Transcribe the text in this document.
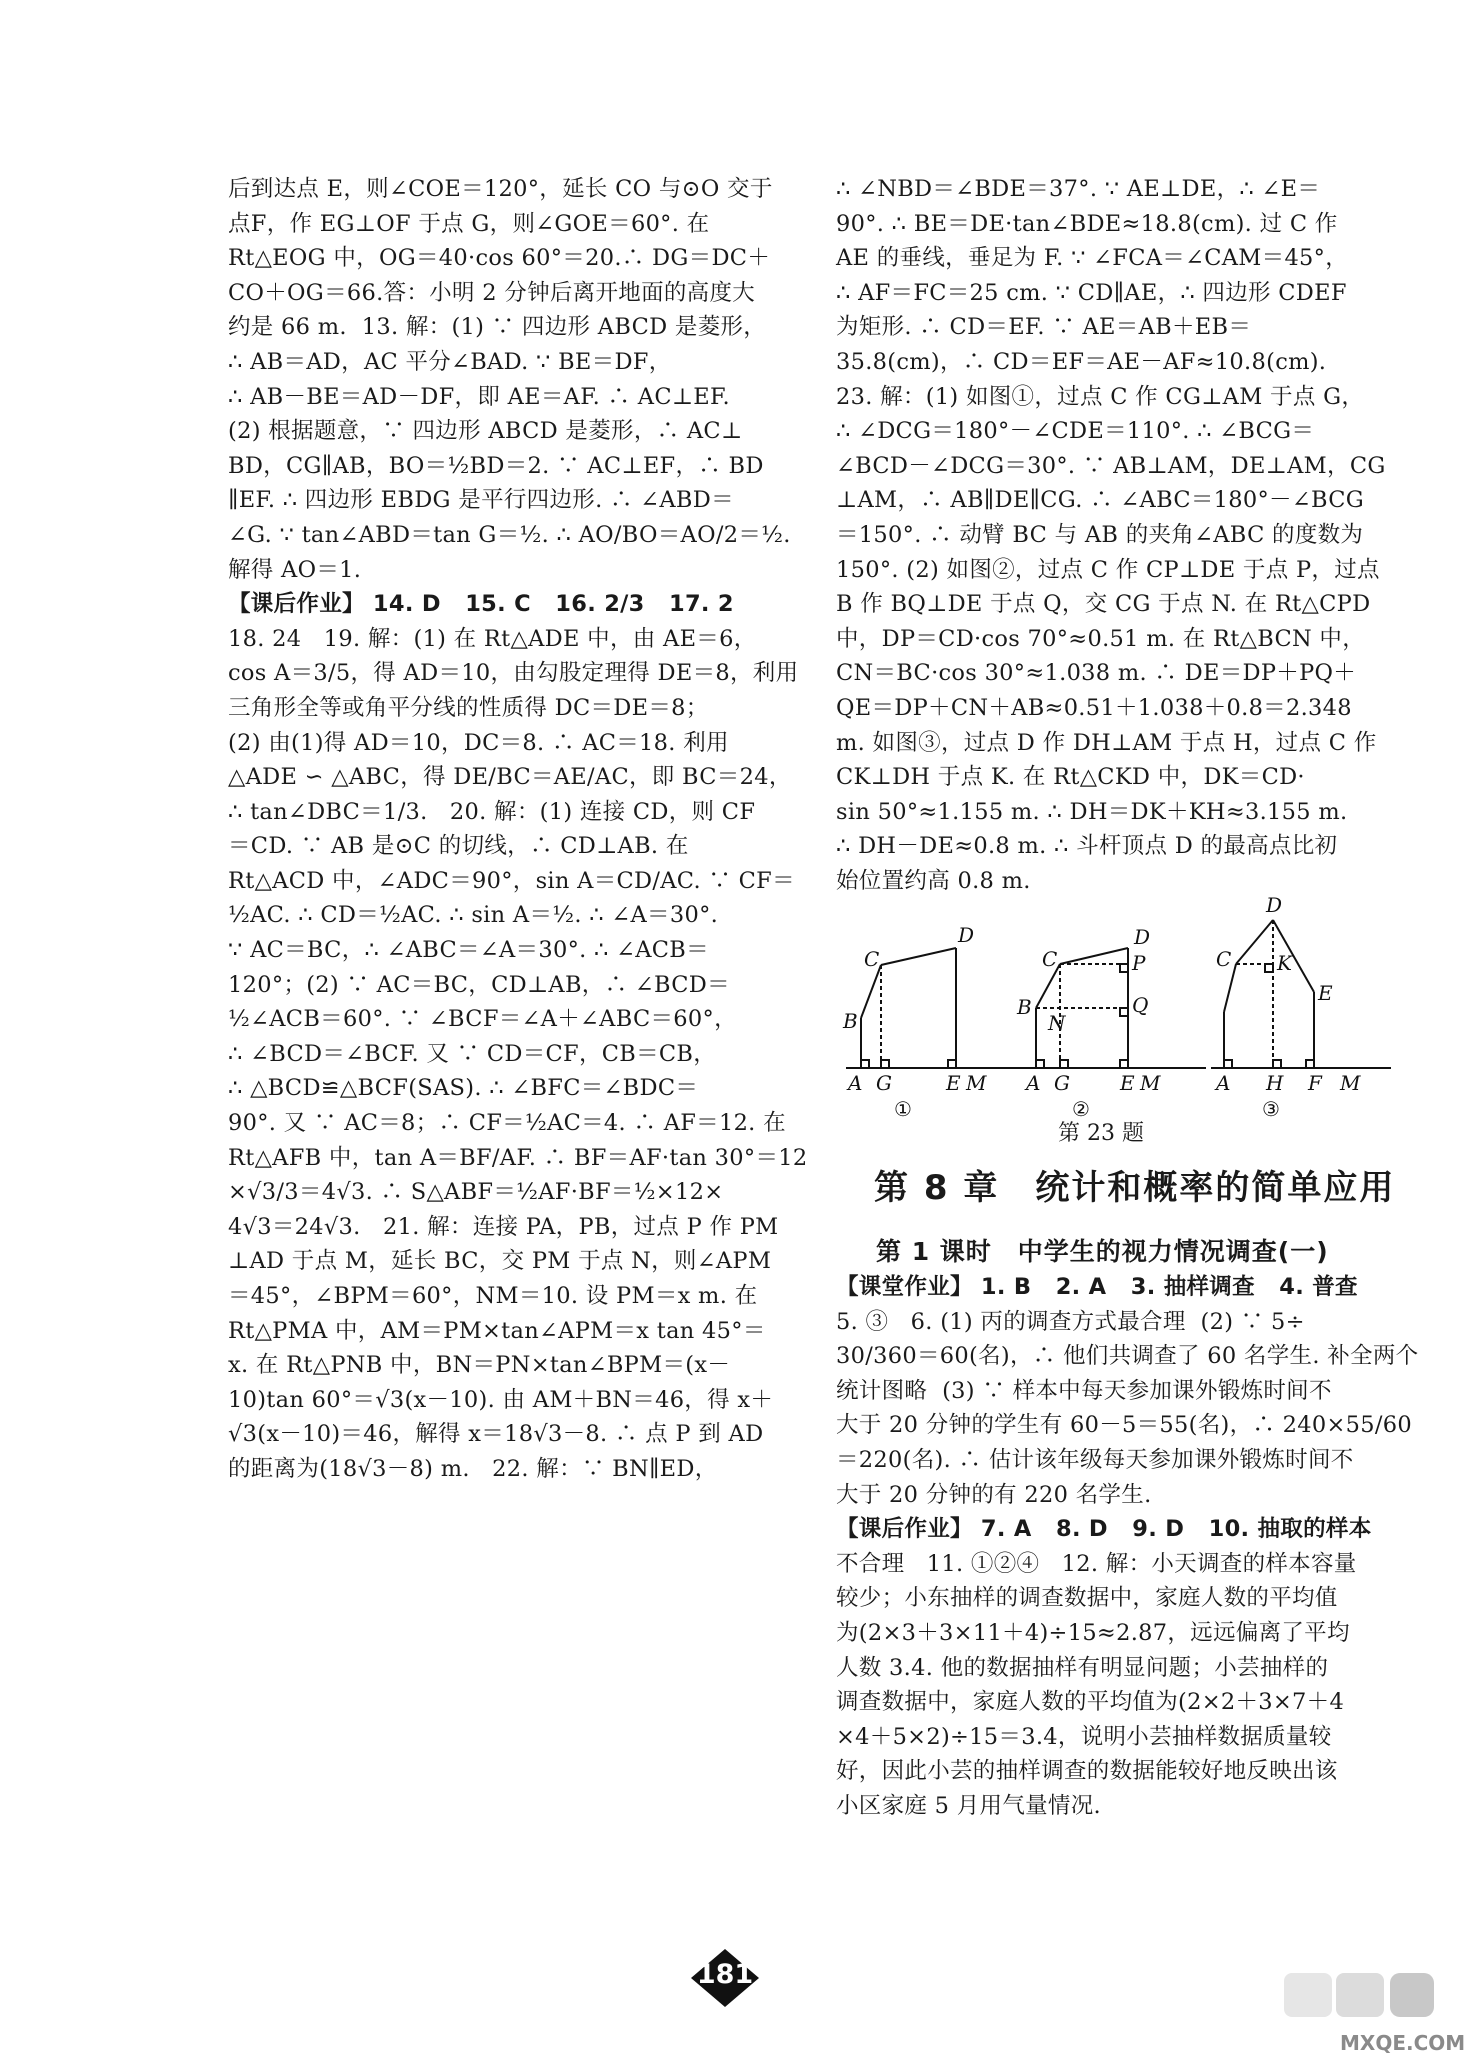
后到达点 E，则∠COE＝120°，延长 CO 与⊙O 交于

点F，作 EG⊥OF 于点 G，则∠GOE＝60°. 在

Rt△EOG 中，OG＝40·cos 60°＝20.∴ DG＝DC＋

CO＋OG＝66.答：小明 2 分钟后离开地面的高度大

约是 66 m.  13. 解：(1) ∵ 四边形 ABCD 是菱形，

∴ AB＝AD，AC 平分∠BAD. ∵ BE＝DF，

∴ AB－BE＝AD－DF，即 AE＝AF. ∴ AC⊥EF.

(2) 根据题意，∵ 四边形 ABCD 是菱形，∴ AC⊥

BD，CG∥AB，BO＝½BD＝2. ∵ AC⊥EF，∴ BD

∥EF. ∴ 四边形 EBDG 是平行四边形. ∴ ∠ABD＝

∠G. ∵ tan∠ABD＝tan G＝½. ∴ AO/BO＝AO/2＝½.

解得 AO＝1.

【课后作业】 14. D   15. C   16. 2/3   17. 2

18. 24   19. 解：(1) 在 Rt△ADE 中，由 AE＝6，

cos A＝3/5，得 AD＝10，由勾股定理得 DE＝8，利用

三角形全等或角平分线的性质得 DC＝DE＝8；

(2) 由(1)得 AD＝10，DC＝8. ∴ AC＝18. 利用

△ADE ∽ △ABC，得 DE/BC＝AE/AC，即 BC＝24，

∴ tan∠DBC＝1/3.   20. 解：(1) 连接 CD，则 CF

＝CD. ∵ AB 是⊙C 的切线，∴ CD⊥AB. 在

Rt△ACD 中，∠ADC＝90°，sin A＝CD/AC. ∵ CF＝

½AC. ∴ CD＝½AC. ∴ sin A＝½. ∴ ∠A＝30°.

∵ AC＝BC，∴ ∠ABC＝∠A＝30°. ∴ ∠ACB＝

120°；(2) ∵ AC＝BC，CD⊥AB，∴ ∠BCD＝

½∠ACB＝60°. ∵ ∠BCF＝∠A＋∠ABC＝60°，

∴ ∠BCD＝∠BCF. 又 ∵ CD＝CF，CB＝CB，

∴ △BCD≌△BCF(SAS). ∴ ∠BFC＝∠BDC＝

90°. 又 ∵ AC＝8；∴ CF＝½AC＝4. ∴ AF＝12. 在

Rt△AFB 中，tan A＝BF/AF. ∴ BF＝AF·tan 30°＝12

×√3/3＝4√3. ∴ S△ABF＝½AF·BF＝½×12×

4√3＝24√3.   21. 解：连接 PA，PB，过点 P 作 PM

⊥AD 于点 M，延长 BC，交 PM 于点 N，则∠APM

＝45°，∠BPM＝60°，NM＝10. 设 PM＝x m. 在

Rt△PMA 中，AM＝PM×tan∠APM＝x tan 45°＝

x. 在 Rt△PNB 中，BN＝PN×tan∠BPM＝(x－

10)tan 60°＝√3(x－10). 由 AM＋BN＝46，得 x＋

√3(x－10)＝46，解得 x＝18√3－8. ∴ 点 P 到 AD

的距离为(18√3－8) m.   22. 解：∵ BN∥ED，

∴ ∠NBD＝∠BDE＝37°. ∵ AE⊥DE，∴ ∠E＝

90°. ∴ BE＝DE·tan∠BDE≈18.8(cm). 过 C 作

AE 的垂线，垂足为 F. ∵ ∠FCA＝∠CAM＝45°，

∴ AF＝FC＝25 cm. ∵ CD∥AE，∴ 四边形 CDEF

为矩形. ∴ CD＝EF. ∵ AE＝AB＋EB＝

35.8(cm)，∴ CD＝EF＝AE－AF≈10.8(cm).

23. 解：(1) 如图①，过点 C 作 CG⊥AM 于点 G，

∴ ∠DCG＝180°－∠CDE＝110°. ∴ ∠BCG＝

∠BCD－∠DCG＝30°. ∵ AB⊥AM，DE⊥AM，CG

⊥AM，∴ AB∥DE∥CG. ∴ ∠ABC＝180°－∠BCG

＝150°. ∴ 动臂 BC 与 AB 的夹角∠ABC 的度数为

150°. (2) 如图②，过点 C 作 CP⊥DE 于点 P，过点

B 作 BQ⊥DE 于点 Q，交 CG 于点 N. 在 Rt△CPD

中，DP＝CD·cos 70°≈0.51 m. 在 Rt△BCN 中，

CN＝BC·cos 30°≈1.038 m. ∴ DE＝DP＋PQ＋

QE＝DP＋CN＋AB≈0.51＋1.038＋0.8＝2.348

m. 如图③，过点 D 作 DH⊥AM 于点 H，过点 C 作

CK⊥DH 于点 K. 在 Rt△CKD 中，DK＝CD·

sin 50°≈1.155 m. ∴ DH＝DK＋KH≈3.155 m.

∴ DH－DE≈0.8 m. ∴ 斗杆顶点 D 的最高点比初

始位置约高 0.8 m.

A
B
C
D
G	E M
①
A
B
C
D
G	E M
N
P
Q
②
A
C
D
H F M
K
E
③
第 23 题
第 8 章　统计和概率的简单应用
第 1 课时　中学生的视力情况调查(一)

【课堂作业】 1. B   2. A   3. 抽样调查   4. 普查

5. ③   6. (1) 丙的调查方式最合理  (2) ∵ 5÷

30/360＝60(名)，∴ 他们共调查了 60 名学生. 补全两个

统计图略  (3) ∵ 样本中每天参加课外锻炼时间不

大于 20 分钟的学生有 60－5＝55(名)，∴ 240×55/60

＝220(名). ∴ 估计该年级每天参加课外锻炼时间不

大于 20 分钟的有 220 名学生.

【课后作业】 7. A   8. D   9. D   10. 抽取的样本

不合理   11. ①②④   12. 解：小天调查的样本容量

较少；小东抽样的调查数据中，家庭人数的平均值

为(2×3＋3×11＋4)÷15≈2.87，远远偏离了平均

人数 3.4. 他的数据抽样有明显问题；小芸抽样的

调查数据中，家庭人数的平均值为(2×2＋3×7＋4

×4＋5×2)÷15＝3.4，说明小芸抽样数据质量较

好，因此小芸的抽样调查的数据能较好地反映出该

小区家庭 5 月用气量情况.

181
MXQE.COM
